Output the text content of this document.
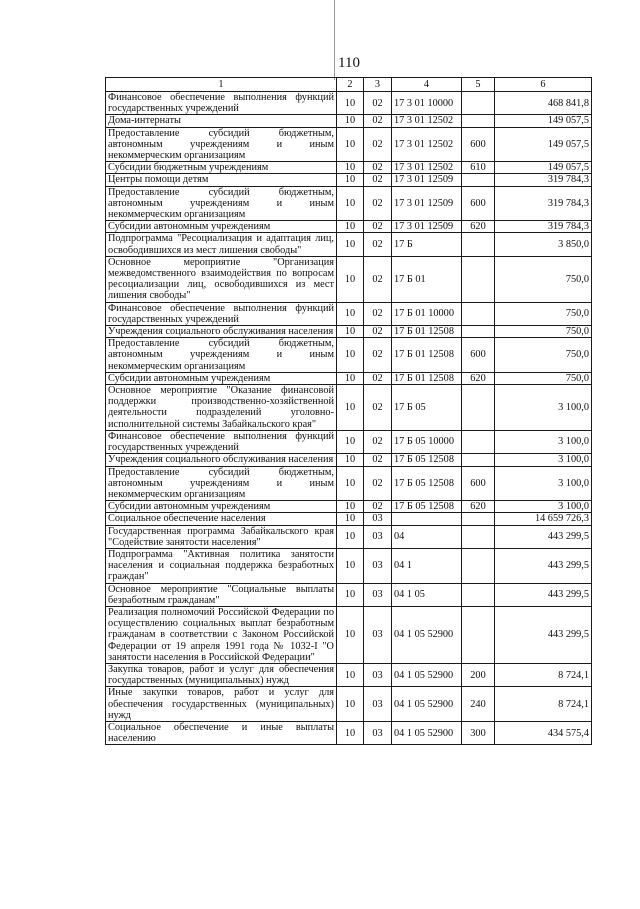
110
1	2	3	4	5	6
Финансовое обеспечение выполнения функций государственных учреждений	10	02	17 3 01 10000		468 841,8
Дома-интернаты	10	02	17 3 01 12502		149 057,5
Предоставление субсидий бюджетным, автономным учреждениям и иным некоммерческим организациям	10	02	17 3 01 12502	600	149 057,5
Субсидии бюджетным учреждениям	10	02	17 3 01 12502	610	149 057,5
Центры помощи детям	10	02	17 3 01 12509		319 784,3
Предоставление субсидий бюджетным, автономным учреждениям и иным некоммерческим организациям	10	02	17 3 01 12509	600	319 784,3
Субсидии автономным учреждениям	10	02	17 3 01 12509	620	319 784,3
Подпрограмма "Ресоциализация и адаптация лиц, освободившихся из мест лишения свободы"	10	02	17 Б		3 850,0
Основное мероприятие "Организация межведомственного взаимодействия по вопросам ресоциализации лиц, освободившихся из мест лишения свободы"	10	02	17 Б 01		750,0
Финансовое обеспечение выполнения функций государственных учреждений	10	02	17 Б 01 10000		750,0
Учреждения социального обслуживания населения	10	02	17 Б 01 12508		750,0
Предоставление субсидий бюджетным, автономным учреждениям и иным некоммерческим организациям	10	02	17 Б 01 12508	600	750,0
Субсидии автономным учреждениям	10	02	17 Б 01 12508	620	750,0
Основное мероприятие "Оказание финансовой поддержки производственно-хозяйственной деятельности подразделений уголовно-исполнительной системы Забайкальского края"	10	02	17 Б 05		3 100,0
Финансовое обеспечение выполнения функций государственных учреждений	10	02	17 Б 05 10000		3 100,0
Учреждения социального обслуживания населения	10	02	17 Б 05 12508		3 100,0
Предоставление субсидий бюджетным, автономным учреждениям и иным некоммерческим организациям	10	02	17 Б 05 12508	600	3 100,0
Субсидии автономным учреждениям	10	02	17 Б 05 12508	620	3 100,0
Социальное обеспечение населения	10	03			14 659 726,3
Государственная программа Забайкальского края "Содействие занятости населения"	10	03	04		443 299,5
Подпрограмма "Активная политика занятости населения и социальная поддержка безработных граждан"	10	03	04 1		443 299,5
Основное мероприятие "Социальные выплаты безработным гражданам"	10	03	04 1 05		443 299,5
Реализация полномочий Российской Федерации по осуществлению социальных выплат безработным гражданам в соответствии с Законом Российской Федерации от 19 апреля 1991 года № 1032-I "О занятости населения в Российской Федерации"	10	03	04 1 05 52900		443 299,5
Закупка товаров, работ и услуг для обеспечения государственных (муниципальных) нужд	10	03	04 1 05 52900	200	8 724,1
Иные закупки товаров, работ и услуг для обеспечения государственных (муниципальных) нужд	10	03	04 1 05 52900	240	8 724,1
Социальное обеспечение и иные выплаты населению	10	03	04 1 05 52900	300	434 575,4
